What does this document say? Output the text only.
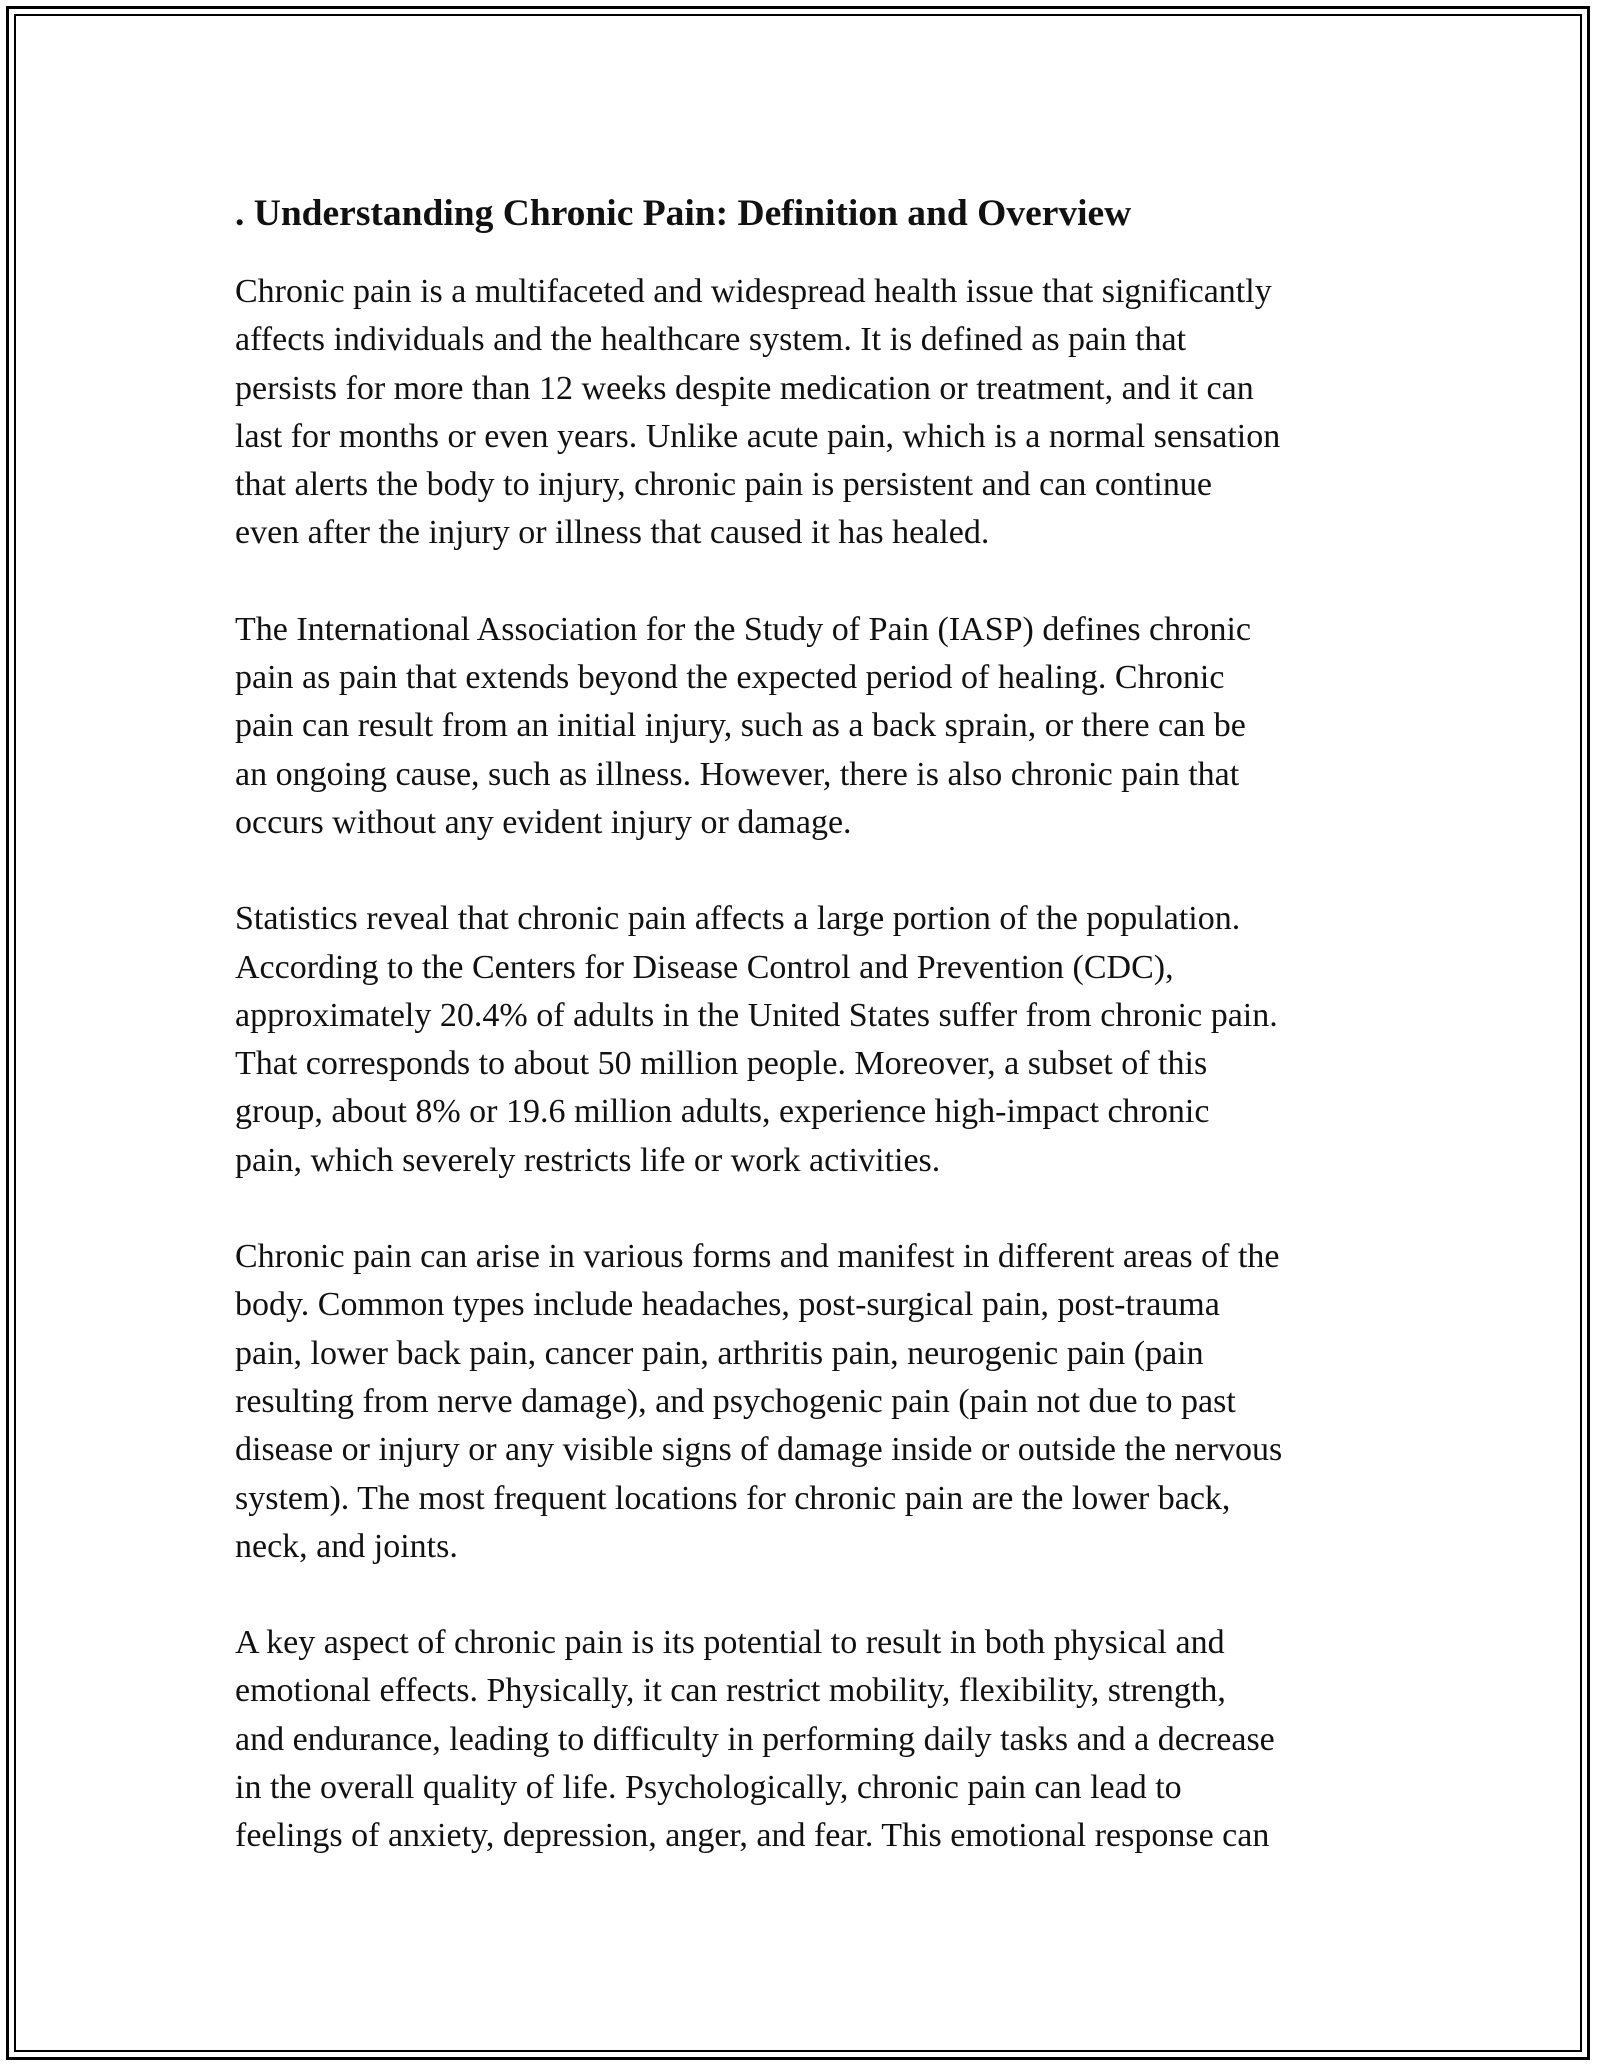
. Understanding Chronic Pain: Definition and Overview

Chronic pain is a multifaceted and widespread health issue that significantly
affects individuals and the healthcare system. It is defined as pain that
persists for more than 12 weeks despite medication or treatment, and it can
last for months or even years. Unlike acute pain, which is a normal sensation
that alerts the body to injury, chronic pain is persistent and can continue
even after the injury or illness that caused it has healed.

The International Association for the Study of Pain (IASP) defines chronic
pain as pain that extends beyond the expected period of healing. Chronic
pain can result from an initial injury, such as a back sprain, or there can be
an ongoing cause, such as illness. However, there is also chronic pain that
occurs without any evident injury or damage.

Statistics reveal that chronic pain affects a large portion of the population.
According to the Centers for Disease Control and Prevention (CDC),
approximately 20.4% of adults in the United States suffer from chronic pain.
That corresponds to about 50 million people. Moreover, a subset of this
group, about 8% or 19.6 million adults, experience high-impact chronic
pain, which severely restricts life or work activities.

Chronic pain can arise in various forms and manifest in different areas of the
body. Common types include headaches, post-surgical pain, post-trauma
pain, lower back pain, cancer pain, arthritis pain, neurogenic pain (pain
resulting from nerve damage), and psychogenic pain (pain not due to past
disease or injury or any visible signs of damage inside or outside the nervous
system). The most frequent locations for chronic pain are the lower back,
neck, and joints.

A key aspect of chronic pain is its potential to result in both physical and
emotional effects. Physically, it can restrict mobility, flexibility, strength,
and endurance, leading to difficulty in performing daily tasks and a decrease
in the overall quality of life. Psychologically, chronic pain can lead to
feelings of anxiety, depression, anger, and fear. This emotional response can
